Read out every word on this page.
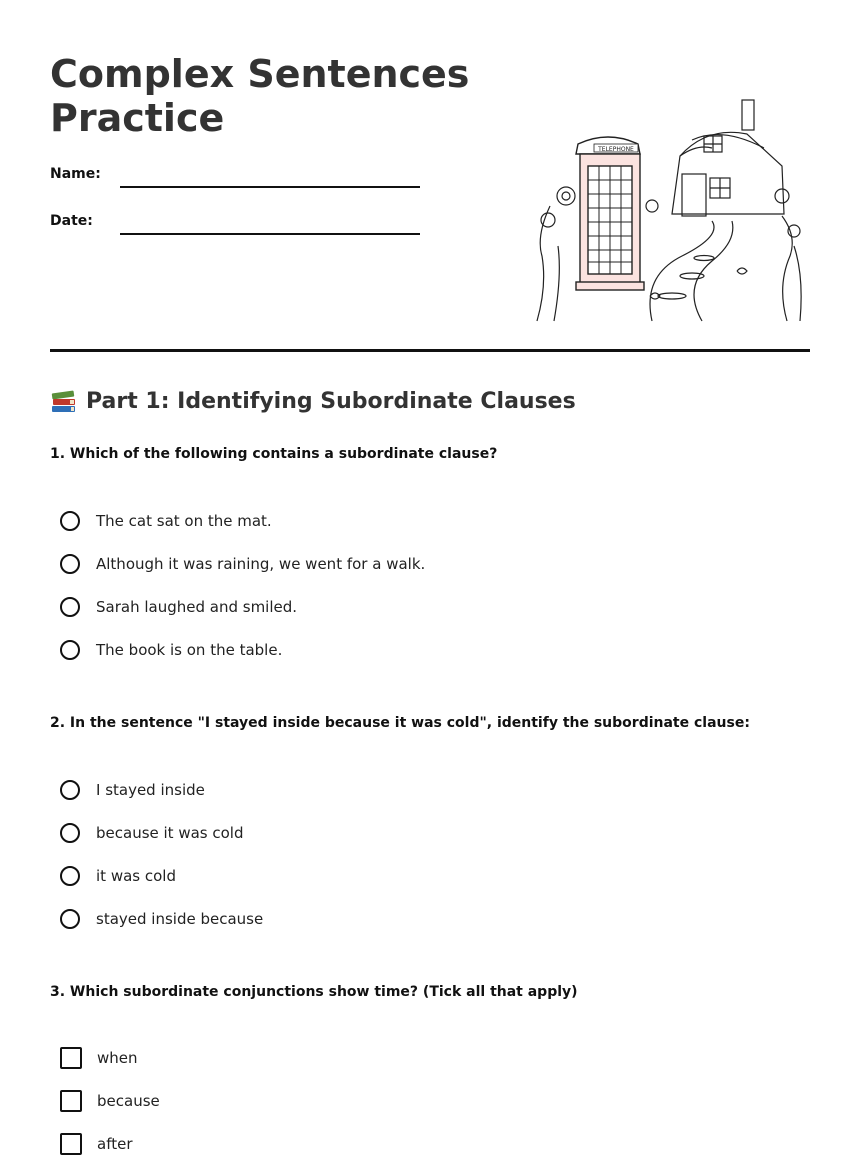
Complex Sentences Practice
Name:
Date:
TELEPHONE
Part 1: Identifying Subordinate Clauses

1. Which of the following contains a subordinate clause?

The cat sat on the mat.
Although it was raining, we went for a walk.
Sarah laughed and smiled.
The book is on the table.

2. In the sentence "I stayed inside because it was cold", identify the subordinate clause:

I stayed inside
because it was cold
it was cold
stayed inside because

3. Which subordinate conjunctions show time? (Tick all that apply)

when
because
after
